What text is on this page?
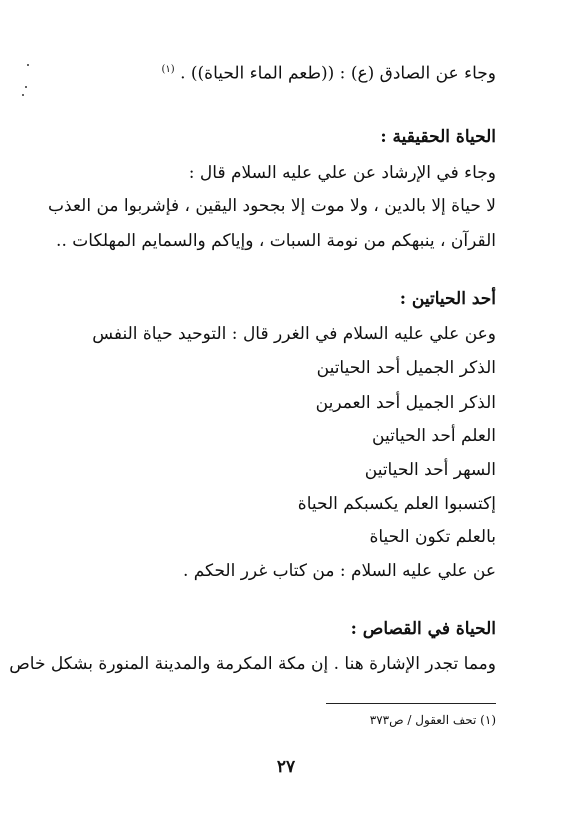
وجاء عن الصادق (ع) : ((طعم الماء الحياة)) . $^{(١)}$
الحياة الحقيقية :
وجاء في الإرشاد عن علي عليه السلام قال :
لا حياة إلا بالدين ، ولا موت إلا بجحود اليقين ، فإشربوا من العذب
القرآن ، ينبهكم من نومة السبات ، وإياكم والسمايم المهلكات ..
أحد الحياتين :
وعن علي عليه السلام في الغرر قال : التوحيد حياة النفس
الذكر الجميل أحد الحياتين
الذكر الجميل أحد العمرين
العلم أحد الحياتين
السهر أحد الحياتين
إكتسبوا العلم يكسبكم الحياة
بالعلم تكون الحياة
عن علي عليه السلام : من كتاب غرر الحكم .
الحياة في القصاص :
ومما تجدر الإشارة هنا . إن مكة المكرمة والمدينة المنورة بشكل خاص
(١) تحف العقول / ص٣٧٣
٢٧
